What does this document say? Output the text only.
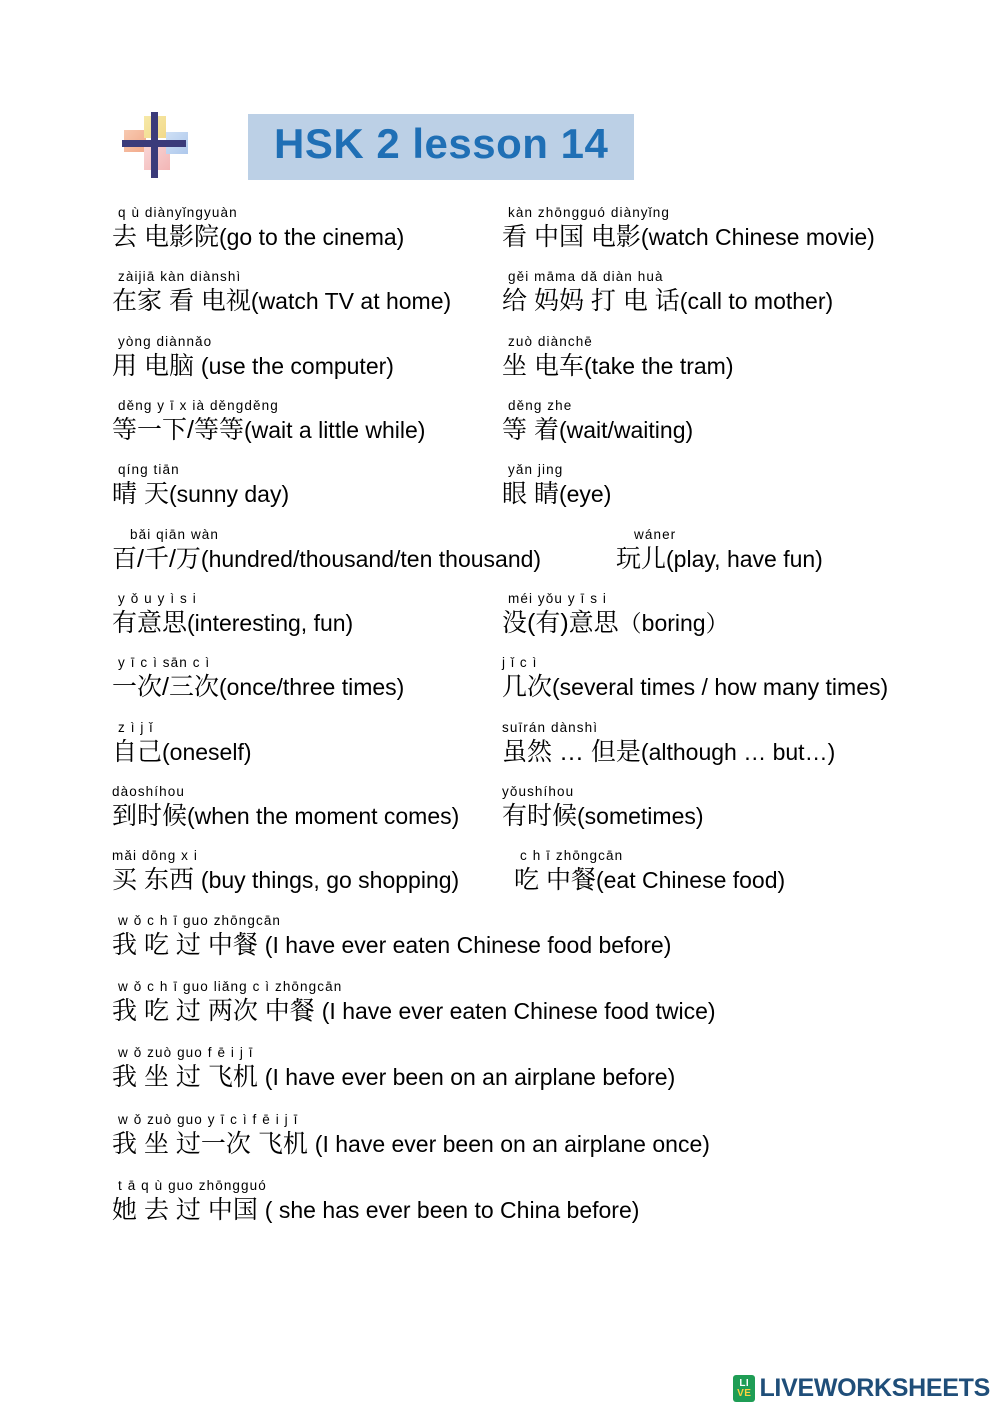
HSK 2 lesson 14
q ù diànyǐngyuàn
去 电影院(go to the cinema)
kàn zhōngguó diànyǐng
看 中国 电影(watch Chinese movie)
zàijiā kàn diànshì
在家 看 电视(watch TV at home)
gěi māma dǎ diàn huà
给 妈妈 打 电 话(call to mother)
yòng diànnǎo
用 电脑 (use the computer)
zuò diànchē
坐 电车(take the tram)
děng y ī x ià děngděng
等一下/等等(wait a little while)
děng zhe
等 着(wait/waiting)
qíng tiān
晴 天(sunny day)
yǎn jing
眼 睛(eye)
bǎi qiān wàn
百/千/万(hundred/thousand/ten thousand)
wáner
玩儿(play, have fun)
y ǒ u y ì s i
有意思(interesting, fun)
méi yǒu y ī s i
没(有)意思（boring）
y ī c ì sān c ì
一次/三次(once/three times)
j ǐ c ì
几次(several times / how many times)
z ì j ǐ
自己(oneself)
suīrán dànshì
虽然 … 但是(although … but…)
dàoshíhou
到时候(when the moment comes)
yǒushíhou
有时候(sometimes)
mǎi dōng x i
买 东西 (buy things, go shopping)
c h ī zhōngcān
吃 中餐(eat Chinese food)
w ǒ c h ī guo zhōngcān
我 吃 过 中餐 (I have ever eaten Chinese food before)
w ǒ c h ī guo liǎng c ì zhōngcān
我 吃 过 两次 中餐 (I have ever eaten Chinese food twice)
w ǒ zuò guo f ē i j ī
我 坐 过 飞机 (I have ever been on an airplane before)
w ǒ zuò guo y ī c ì f ē i j ī
我 坐 过一次 飞机 (I have ever been on an airplane once)
t ā q ù guo zhōngguó
她 去 过 中国 ( she has ever been to China before)
LI
VE LIVEWORKSHEETS
